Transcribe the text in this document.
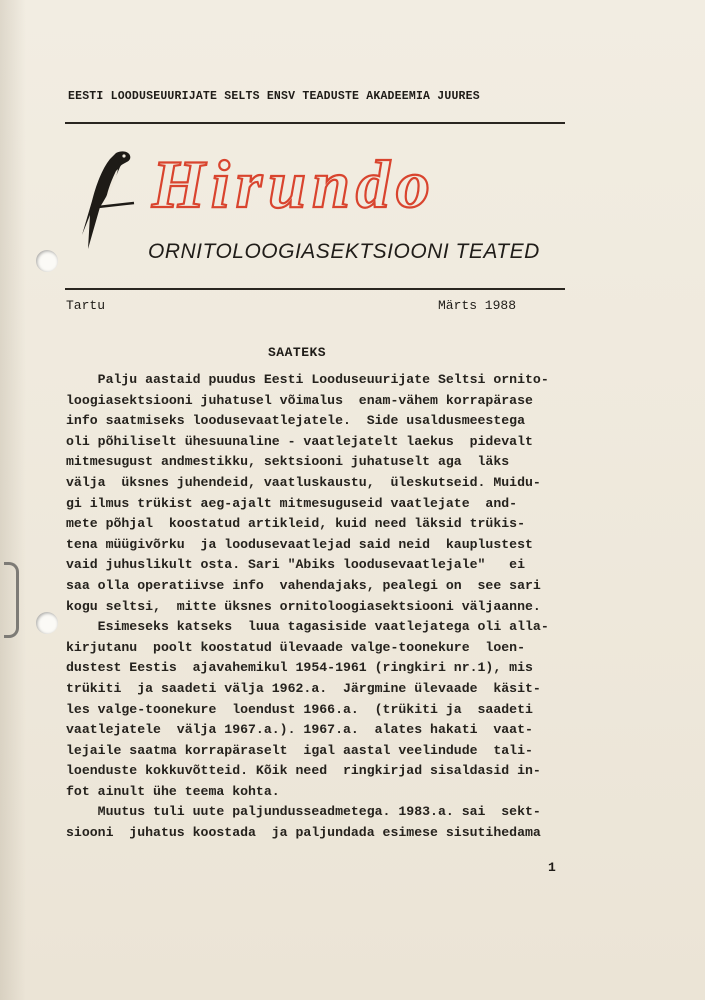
EESTI LOODUSEUURIJATE SELTS ENSV TEADUSTE AKADEEMIA JUURES
Hirundo
ORNITOLOOGIASEKTSIOONI TEATED
Tartu	Märts 1988
SAATEKS
Palju aastaid puudus Eesti Looduseuurijate Seltsi ornito-
loogiasektsiooni juhatusel võimalus  enam-vähem korrapärase
info saatmiseks loodusevaatlejatele.  Side usaldusmeestega
oli põhiliselt ühesuunaline - vaatlejatelt laekus  pidevalt
mitmesugust andmestikku, sektsiooni juhatuselt aga  läks
välja  üksnes juhendeid, vaatluskaustu,  üleskutseid. Muidu-
gi ilmus trükist aeg-ajalt mitmesuguseid vaatlejate  and-
mete põhjal  koostatud artikleid, kuid need läksid trükis-
tena müügivõrku  ja loodusevaatlejad said neid  kauplustest
vaid juhuslikult osta. Sari "Abiks loodusevaatlejale"   ei
saa olla operatiivse info  vahendajaks, pealegi on  see sari
kogu seltsi,  mitte üksnes ornitoloogiasektsiooni väljaanne.
Esimeseks katseks  luua tagasiside vaatlejatega oli alla-
kirjutanu  poolt koostatud ülevaade valge-toonekure  loen-
dustest Eestis  ajavahemikul 1954-1961 (ringkiri nr.1), mis
trükiti  ja saadeti välja 1962.a.  Järgmine ülevaade  käsit-
les valge-toonekure  loendust 1966.a.  (trükiti ja  saadeti
vaatlejatele  välja 1967.a.). 1967.a.  alates hakati  vaat-
lejaile saatma korrapäraselt  igal aastal veelindude  tali-
loenduste kokkuvõtteid. Kõik need  ringkirjad sisaldasid in-
fot ainult ühe teema kohta.
Muutus tuli uute paljundusseadmetega. 1983.a. sai  sekt-
siooni  juhatus koostada  ja paljundada esimese sisutihedama
1
